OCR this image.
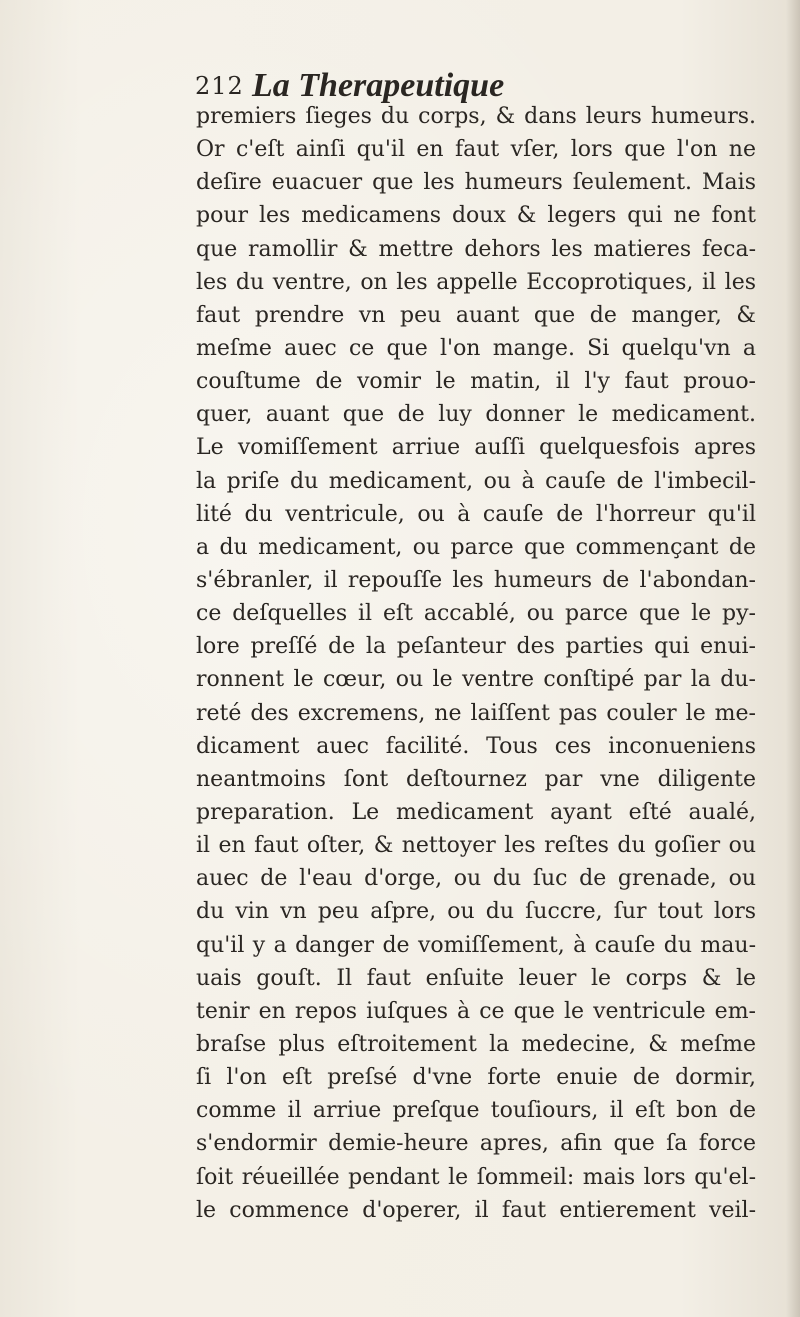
212 La Therapeutique
premiers ſieges du corps, & dans leurs humeurs.
Or c'eſt ainſi qu'il en faut vſer, lors que l'on ne
deſire euacuer que les humeurs ſeulement. Mais
pour les medicamens doux & legers qui ne font
que ramollir & mettre dehors les matieres feca-
les du ventre, on les appelle Eccoprotiques, il les
faut prendre vn peu auant que de manger, &
meſme auec ce que l'on mange. Si quelqu'vn a
couſtume de vomir le matin, il l'y faut prouo-
quer, auant que de luy donner le medicament.
Le vomiſſement arriue auſſi quelquesfois apres
la priſe du medicament, ou à cauſe de l'imbecil-
lité du ventricule, ou à cauſe de l'horreur qu'il
a du medicament, ou parce que commençant de
s'ébranler, il repouſſe les humeurs de l'abondan-
ce deſquelles il eſt accablé, ou parce que le py-
lore preſſé de la peſanteur des parties qui enui-
ronnent le cœur, ou le ventre conſtipé par la du-
reté des excremens, ne laiſſent pas couler le me-
dicament auec facilité. Tous ces inconueniens
neantmoins ſont deſtournez par vne diligente
preparation. Le medicament ayant eſté aualé,
il en faut oſter, & nettoyer les reſtes du goſier ou
auec de l'eau d'orge, ou du ſuc de grenade, ou
du vin vn peu aſpre, ou du ſuccre, ſur tout lors
qu'il y a danger de vomiſſement, à cauſe du mau-
uais gouſt. Il faut enſuite leuer le corps & le
tenir en repos iuſques à ce que le ventricule em-
braſse plus eſtroitement la medecine, & meſme
ſi l'on eſt preſsé d'vne forte enuie de dormir,
comme il arriue preſque touſiours, il eſt bon de
s'endormir demie-heure apres, afin que ſa force
ſoit réueillée pendant le ſommeil: mais lors qu'el-
le commence d'operer, il faut entierement veil-
